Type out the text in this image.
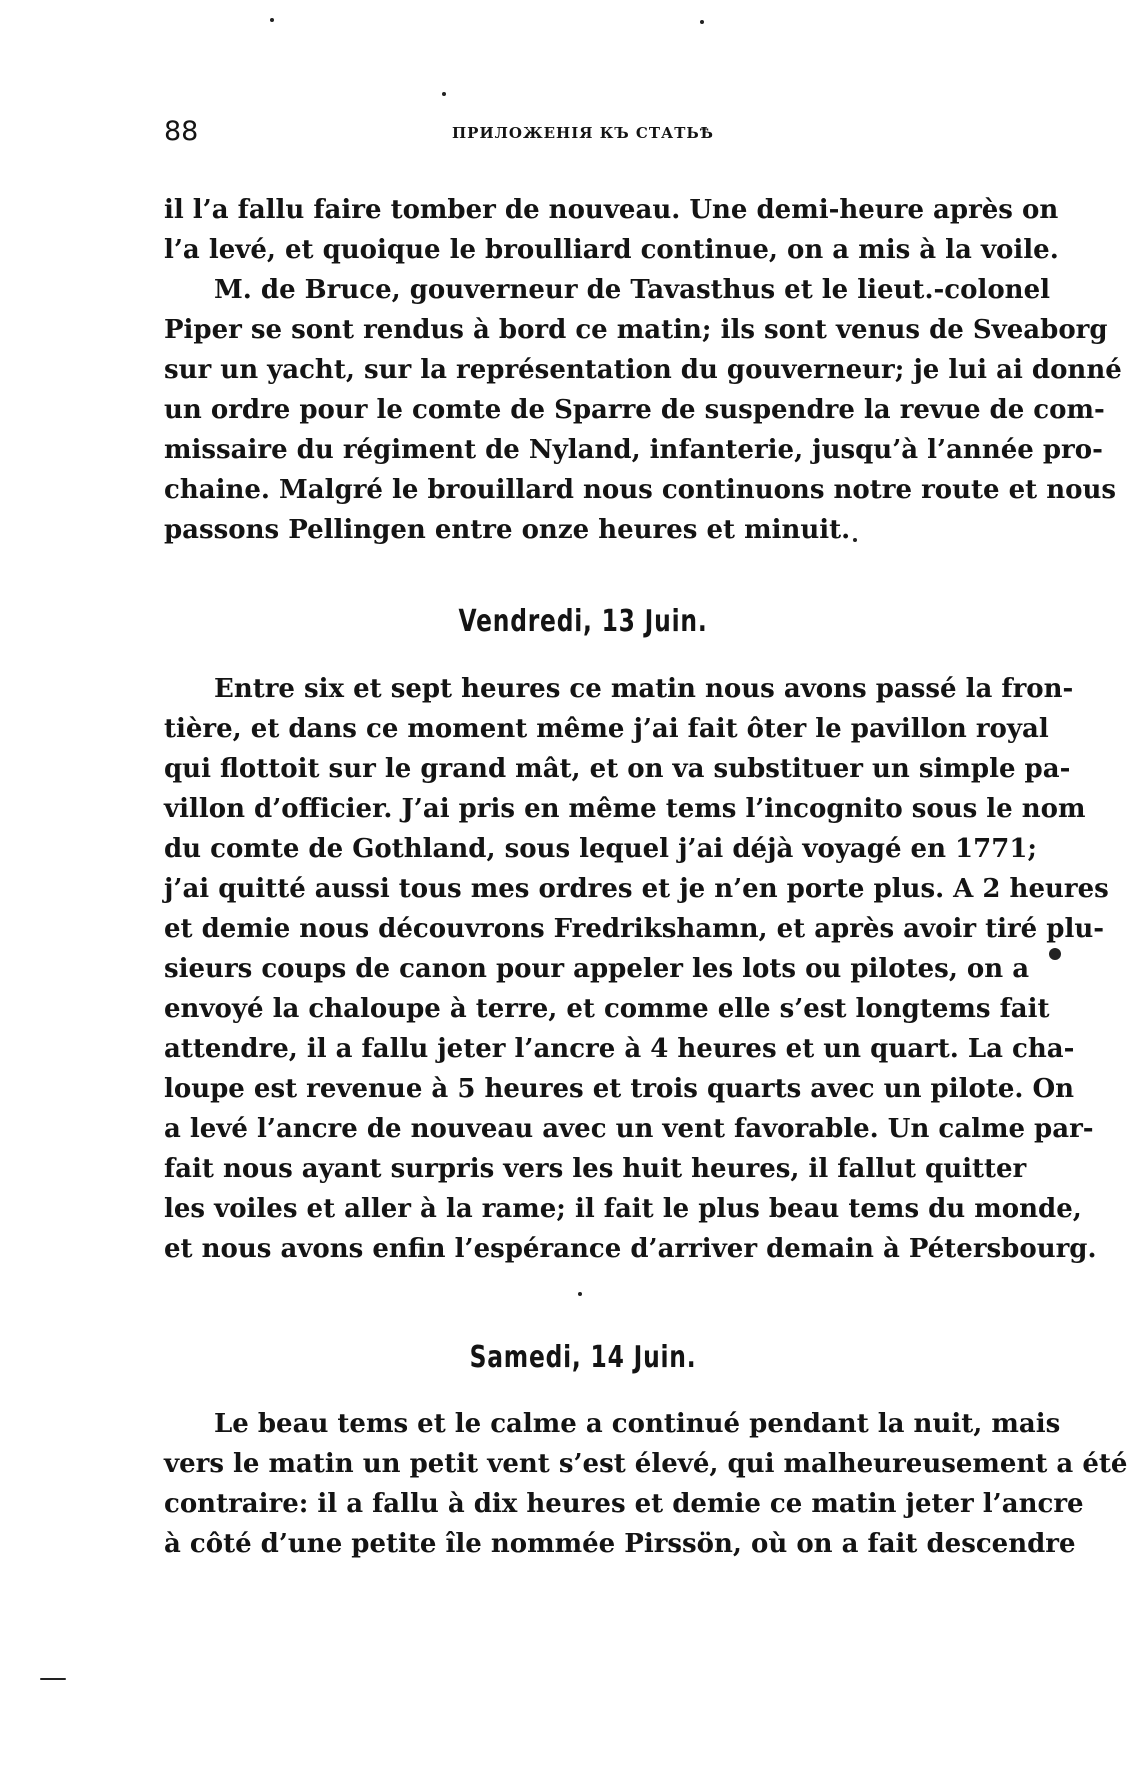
88	ПРИЛОЖЕНІЯ КЪ СТАТЬѢ
il l’a fallu faire tomber de nouveau. Une demi-heure après on
l’a levé, et quoique le broulliard continue, on a mis à la voile.
M. de Bruce, gouverneur de Tavasthus et le lieut.-colonel
Piper se sont rendus à bord ce matin; ils sont venus de Sveaborg
sur un yacht, sur la représentation du gouverneur; je lui ai donné
un ordre pour le comte de Sparre de suspendre la revue de com-
missaire du régiment de Nyland, infanterie, jusqu’à l’année pro-
chaine. Malgré le brouillard nous continuons notre route et nous
passons Pellingen entre onze heures et minuit.
Vendredi, 13 Juin.
Entre six et sept heures ce matin nous avons passé la fron-
tière, et dans ce moment même j’ai fait ôter le pavillon royal
qui flottoit sur le grand mât, et on va substituer un simple pa-
villon d’officier. J’ai pris en même tems l’incognito sous le nom
du comte de Gothland, sous lequel j’ai déjà voyagé en 1771;
j’ai quitté aussi tous mes ordres et je n’en porte plus. A 2 heures
et demie nous découvrons Fredrikshamn, et après avoir tiré plu-
sieurs coups de canon pour appeler les lots ou pilotes, on a
envoyé la chaloupe à terre, et comme elle s’est longtems fait
attendre, il a fallu jeter l’ancre à 4 heures et un quart. La cha-
loupe est revenue à 5 heures et trois quarts avec un pilote. On
a levé l’ancre de nouveau avec un vent favorable. Un calme par-
fait nous ayant surpris vers les huit heures, il fallut quitter
les voiles et aller à la rame; il fait le plus beau tems du monde,
et nous avons enfin l’espérance d’arriver demain à Pétersbourg.
Samedi, 14 Juin.
Le beau tems et le calme a continué pendant la nuit, mais
vers le matin un petit vent s’est élevé, qui malheureusement a été
contraire: il a fallu à dix heures et demie ce matin jeter l’ancre
à côté d’une petite île nommée Pirssön, où on a fait descendre
